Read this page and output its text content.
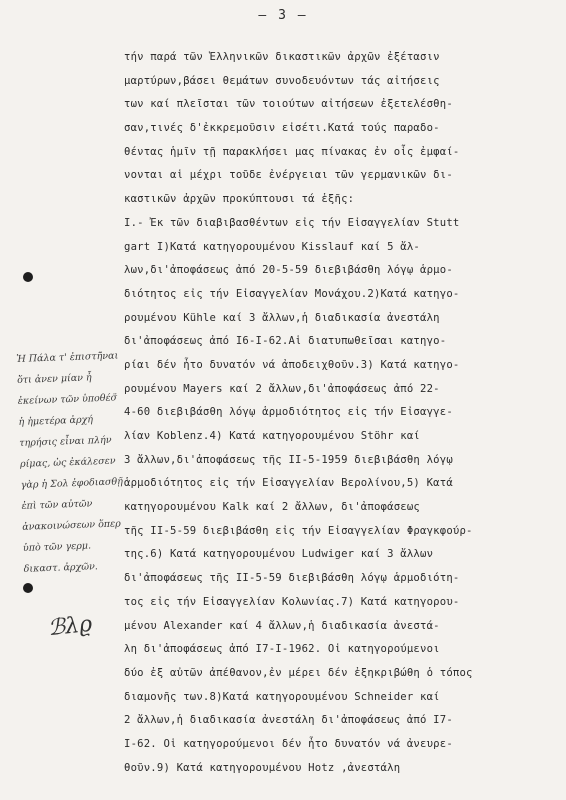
— 3 —
τήν παρά τῶν Ἑλληνικῶν δικαστικῶν ἀρχῶν ἐξέτασιν
μαρτύρων,βάσει θεμάτων συνοδευόντων τάς αἰτήσεις
των καί πλεῖσται τῶν τοιούτων αἰτήσεων ἐξετελέσθη-
σαν,τινές δ'ἐκκρεμοῦσιν εἰσέτι.Κατά τούς παραδο-
θέντας ἡμῖν τῇ παρακλήσει μας πίνακας ἐν οἷς ἐμφαί-
νονται αἱ μέχρι τοῦδε ἐνέργειαι τῶν γερμανικῶν δι-
καστικῶν ἀρχῶν προκύπτουσι τά ἑξῆς:
I.- Ἐκ τῶν διαβιβασθέντων εἰς τήν Εἰσαγγελίαν Stutt
gart I)Κατά κατηγορουμένου Kisslauf καί 5 ἄλ-
λων,δι'ἀποφάσεως ἀπό 20-5-59 διεβιβάσθη λόγῳ ἁρμο-
διότητος εἰς τήν Εἰσαγγελίαν Μονάχου.2)Κατά κατηγο-
ρουμένου Kühle καί 3 ἄλλων,ἡ διαδικασία ἀνεστάλη
δι'ἀποφάσεως ἀπό I6-I-62.Αἱ διατυπωθεῖσαι κατηγο-
ρίαι δέν ἦτο δυνατόν νά ἀποδειχθοῦν.3) Κατά κατηγο-
ρουμένου Mayers καί 2 ἄλλων,δι'ἀποφάσεως ἀπό 22-
4-60 διεβιβάσθη λόγῳ ἁρμοδιότητος εἰς τήν Εἰσαγγε-
λίαν Koblenz.4) Κατά κατηγορουμένου Stöhr καί
3 ἄλλων,δι'ἀποφάσεως τῆς II-5-1959 διεβιβάσθη λόγῳ
ἁρμοδιότητος εἰς τήν Εἰσαγγελίαν Βερολίνου,5) Κατά
κατηγορουμένου Kalk καί 2 ἄλλων, δι'ἀποφάσεως
τῆς II-5-59 διεβιβάσθη εἰς τήν Εἰσαγγελίαν Φραγκφούρ-
της.6) Κατά κατηγορουμένου Ludwiger καί 3 ἄλλων
δι'ἀποφάσεως τῆς II-5-59 διεβιβάσθη λόγῳ ἁρμοδιότη-
τος εἰς τήν Εἰσαγγελίαν Κολωνίας.7) Κατά κατηγορου-
μένου Alexander καί 4 ἄλλων,ἡ διαδικασία ἀνεστά-
λη δι'ἀποφάσεως ἀπό I7-I-1962. Οἱ κατηγορούμενοι
δύο ἐξ αὐτῶν ἀπέθανον,ἐν μέρει δέν ἐξηκριβώθη ὁ τόπος
διαμονῆς των.8)Κατά κατηγορουμένου Schneider καί
2 ἄλλων,ἡ διαδικασία ἀνεστάλη δι'ἀποφάσεως ἀπό I7-
I-62. Οἱ κατηγορούμενοι δέν ἦτο δυνατόν νά ἀνευρε-
θοῦν.9) Κατά κατηγορουμένου Hotz ,ἀνεστάλη
Ἡ Πάλα τ' ἐπιστῆ̈ναι
ὅτι ἀνεν μίαν ἦ
ἐκείνων τῶν ὑποθέσ̈
ἡ ἡμετέρα ἀρχή
τηρήσις εἶναι πλήν
ρίμας, ὡς ἐκάλεσεν
γὰρ ἡ Σολ ἐφοδιασθῇ
ἐπὶ τῶν αὐτῶν
ἀνακοινώσεων ὅπερ
ὑπὸ τῶν γερμ.
δικαστ. ἀρχῶν.
ℬλϱ
